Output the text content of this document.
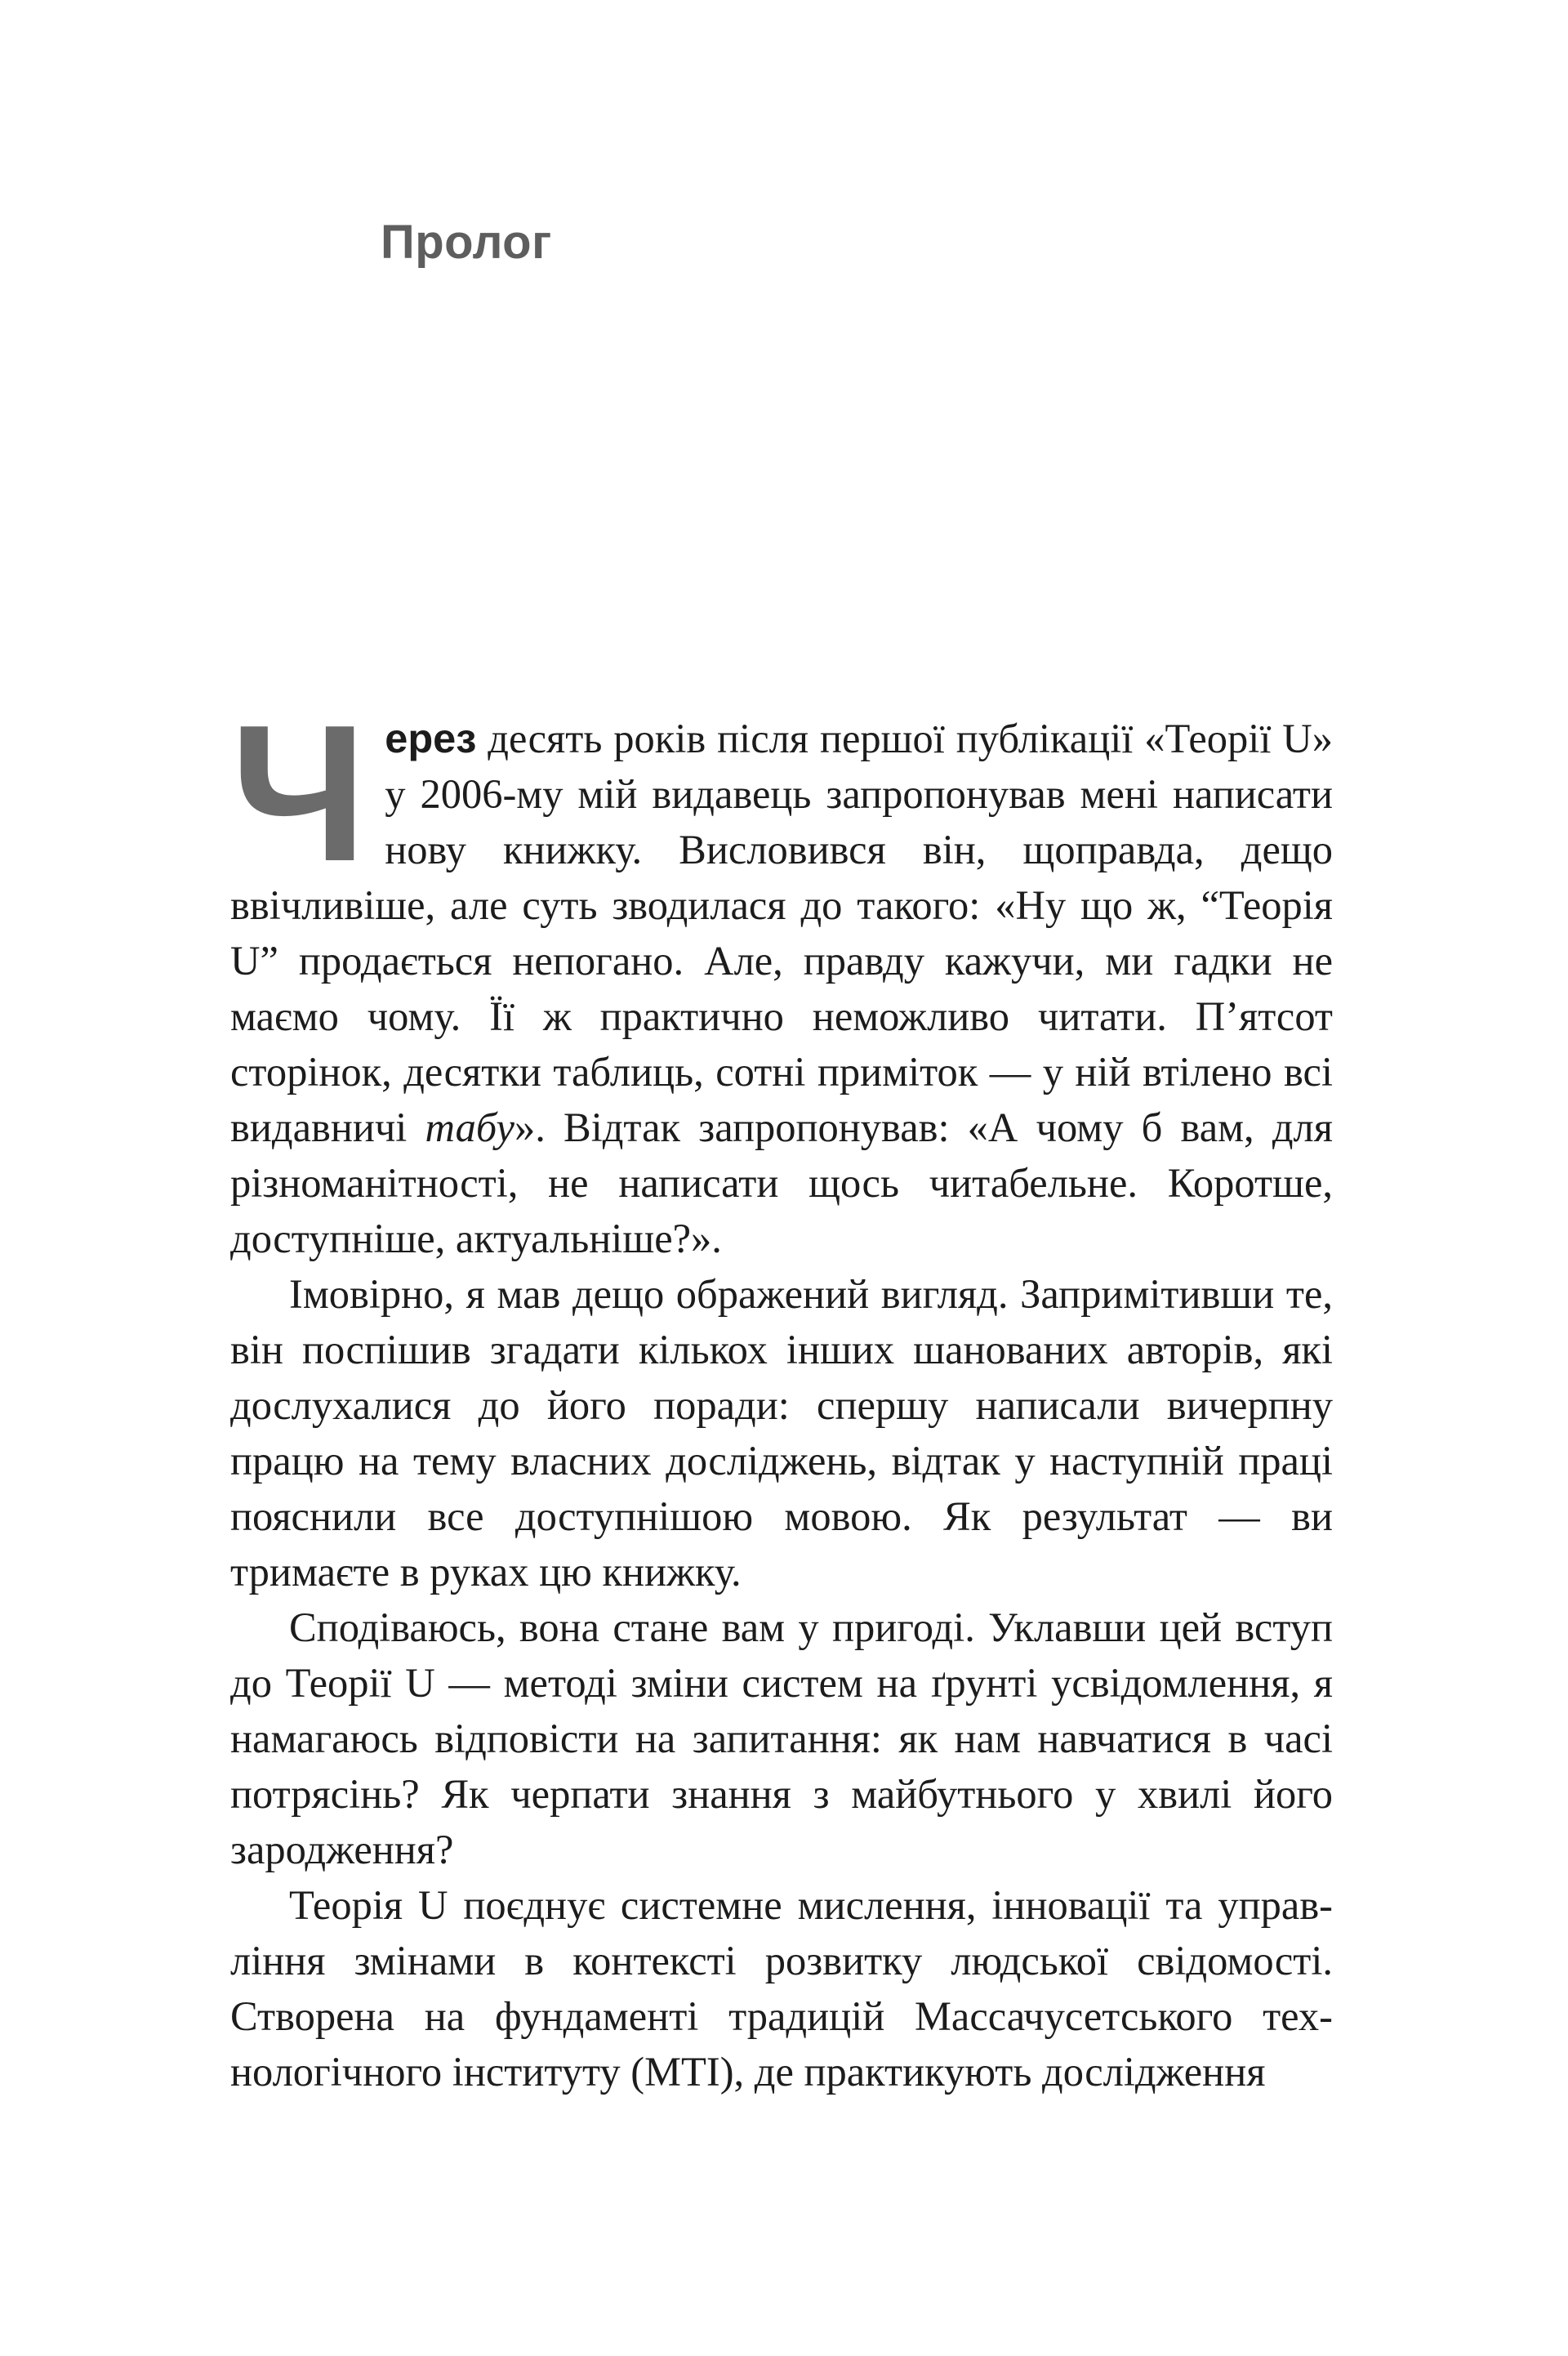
Пролог

Через десять років після першої публікації «Теорії U» у 2006-му мій видавець запропонував мені написати нову книжку. Висловився він, щоправда, дещо ввічливіше, але суть зводилася до такого: «Ну що ж, “Теорія U” продається непогано. Але, правду кажучи, ми гадки не маємо чому. Її ж практично неможливо читати. П’ятсот сторінок, десятки таблиць, сотні приміток — у ній втілено всі видавничі табу». Відтак запропонував: «А чому б вам, для різноманітності, не написати щось читабельне. Коротше, доступніше, актуальніше?».

Імовірно, я мав дещо ображений вигляд. Запримітивши те, він поспішив згадати кількох інших шанованих авторів, які дослухалися до його поради: спершу написали вичерпну працю на тему власних досліджень, відтак у наступній праці пояснили все доступнішою мовою. Як результат — ви тримаєте в руках цю книжку.

Сподіваюсь, вона стане вам у пригоді. Уклавши цей вступ до Теорії U — методі зміни систем на ґрунті усвідомлення, я намагаюсь відповісти на запитання: як нам навчатися в часі потрясінь? Як черпати знання з майбутнього у хвилі його зародження?

Теорія U поєднує системне мислення, інновації та управління змінами в контексті розвитку людської свідомості. Створена на фундаменті традицій Массачусетського технологічного інституту (МТІ), де практикують дослідження
